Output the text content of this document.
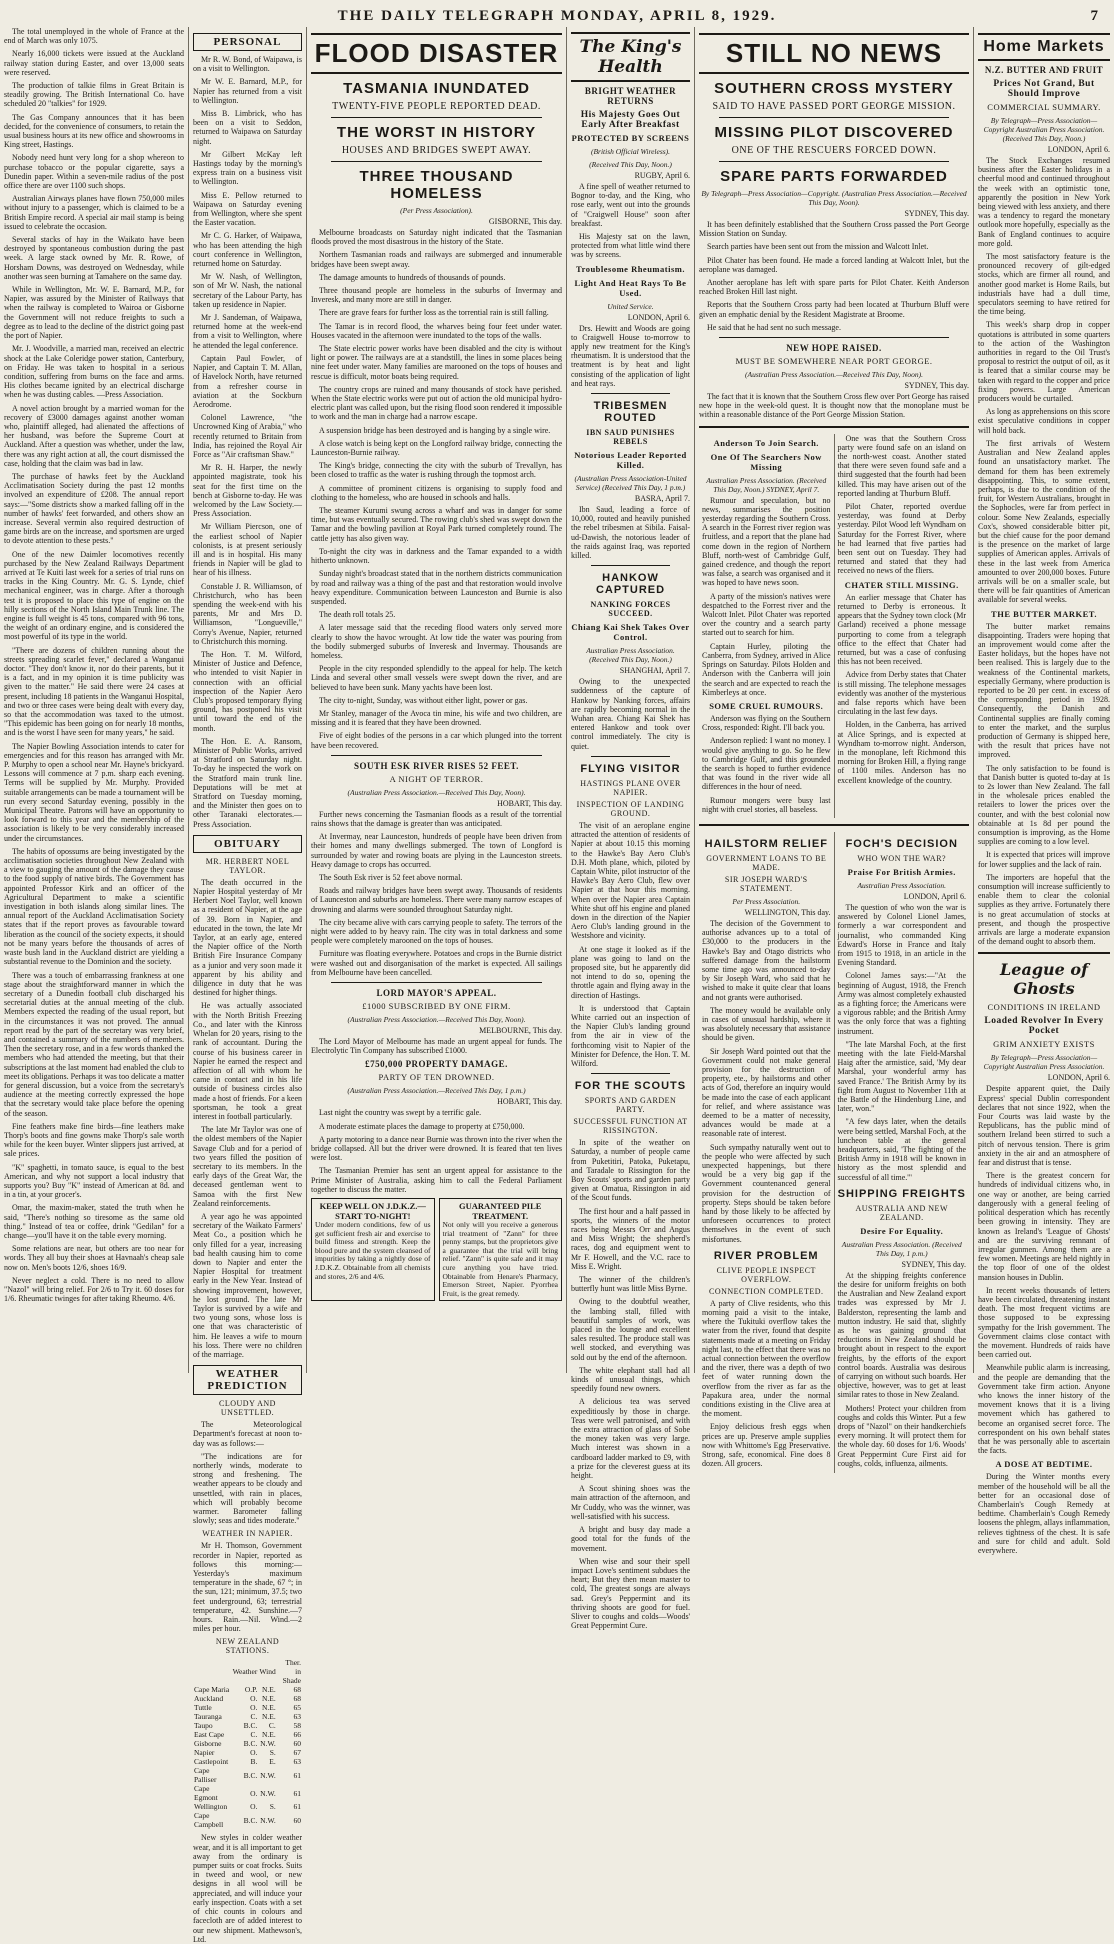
THE DAILY TELEGRAPH MONDAY, APRIL 8, 1929.	7

The total unemployed in the whole of France at the end of March was only 1075.

Nearly 16,000 tickets were issued at the Auckland railway station during Easter, and over 13,000 seats were reserved.

The production of talkie films in Great Britain is steadily growing. The British International Co. have scheduled 20 "talkies" for 1929.

The Gas Company announces that it has been decided, for the convenience of consumers, to retain the usual business hours at its new office and showrooms in King street, Hastings.

Nobody need hunt very long for a shop whereon to purchase tobacco or the popular cigarette, says a Dunedin paper. Within a seven-mile radius of the post office there are over 1100 such shops.

Australian Airways planes have flown 750,000 miles without injury to a passenger, which is claimed to be a British Empire record. A special air mail stamp is being issued to celebrate the occasion.

Several stacks of hay in the Waikato have been destroyed by spontaneous combustion during the past week. A large stack owned by Mr. R. Rowe, of Horsham Downs, was destroyed on Wednesday, while another was seen burning at Tamahere on the same day.

While in Wellington, Mr. W. E. Barnard, M.P., for Napier, was assured by the Minister of Railways that when the railway is completed to Wairoa or Gisborne the Government will not reduce freights to such a degree as to lead to the decline of the district going past the port of Napier.

Mr. J. Woodville, a married man, received an electric shock at the Lake Coleridge power station, Canterbury, on Friday. He was taken to hospital in a serious condition, suffering from burns on the face and arms. His clothes became ignited by an electrical discharge when he was dusting cables. —Press Association.

A novel action brought by a married woman for the recovery of £3000 damages against another woman who, plaintiff alleged, had alienated the affections of her husband, was before the Supreme Court at Auckland. After a question was whether, under the law, there was any right action at all, the court dismissed the case, holding that the claim was bad in law.

The purchase of hawks feet by the Auckland Acclimatisation Society during the past 12 months involved an expenditure of £208. The annual report says:—"Some districts show a marked falling off in the number of hawks' feet forwarded, and others show an increase. Several vermin also required destruction of game birds are on the increase, and sportsmen are urged to devote attention to these pests."

One of the new Daimler locomotives recently purchased by the New Zealand Railways Department arrived at Te Kuiti last week for a series of trial runs on tracks in the King Country. Mr. G. S. Lynde, chief mechanical engineer, was in charge. After a thorough test it is proposed to place this type of engine on the hilly sections of the North Island Main Trunk line. The engine is full weight is 45 tons, compared with 96 tons, the weight of an ordinary engine, and is considered the most powerful of its type in the world.

"There are dozens of children running about the streets spreading scarlet fever," declared a Wanganui doctor. "They don't know it, nor do their parents, but it is a fact, and in my opinion it is time publicity was given to the matter." He said there were 24 cases at present, including 18 patients in the Wanganui Hospital, and two or three cases were being dealt with every day, so that the accommodation was taxed to the utmost. "This epidemic has been going on for nearly 18 months, and is the worst I have seen for many years," he said.

The Napier Bowling Association intends to cater for emergencies and for this reason has arranged with Mr. P. Murphy to open a school near Mr. Hayne's brickyard. Lessons will commence at 7 p.m. sharp each evening. Terms will be supplied by Mr. Murphy. Provided suitable arrangements can be made a tournament will be run every second Saturday evening, possibly in the Municipal Theatre. Patrons will have an opportunity to look forward to this year and the membership of the association is likely to be very considerably increased under the circumstances.

The habits of opossums are being investigated by the acclimatisation societies throughout New Zealand with a view to gauging the amount of the damage they cause to the food supply of native birds. The Government has appointed Professor Kirk and an officer of the Agricultural Department to make a scientific investigation in both islands along similar lines. The annual report of the Auckland Acclimatisation Society states that if the report proves as favourable toward liberation as the council of the society expects, it should not be many years before the thousands of acres of waste bush land in the Auckland district are yielding a substantial revenue to the Dominion and the society.

There was a touch of embarrassing frankness at one stage about the straightforward manner in which the secretary of a Dunedin football club discharged his secretarial duties at the annual meeting of the club. Members expected the reading of the usual report, but in the circumstances it was not proved. The annual report read by the part of the secretary was very brief, and contained a summary of the numbers of members. Then the secretary rose, and in a few words thanked the members who had attended the meeting, but that their subscriptions at the last moment had enabled the club to meet its obligations. Perhaps it was too delicate a matter for general discussion, but a voice from the secretary's audience at the meeting correctly expressed the hope that the secretary would take place before the opening of the season.

Fine feathers make fine birds—fine leathers make Thorp's boots and fine gowns make Thorp's sale worth while for the keen buyer. Winter slippers just arrived, at sale prices.

"K" spaghetti, in tomato sauce, is equal to the best American, and why not support a local industry that supports you? Buy "K" instead of American at 8d. and in a tin, at your grocer's.

Omar, the maxim-maker, stated the truth when he said, "There's nothing so tiresome as the same old thing." Instead of tea or coffee, drink "Gedilan" for a change—you'll have it on the table every morning.

Some relations are near, but others are too near for words. They all buy their shoes at Havnaah's cheap sale now on. Men's boots 12/6, shoes 16/9.

Never neglect a cold. There is no need to allow "Nazol" will bring relief. For 2/6 to Try it. 60 doses for 1/6. Rheumatic twinges for after taking Rheumo. 4/6.

PERSONAL

Mr R. W. Bond, of Waipawa, is on a visit to Wellington.

Mr W. E. Barnard, M.P., for Napier has returned from a visit to Wellington.

Miss B. Limbrick, who has been on a visit to Seddon, returned to Waipawa on Saturday night.

Mr Gilbert McKay left Hastings today by the morning's express train on a business visit to Wellington.

Miss E. Pellow returned to Waipawa on Saturday evening from Wellington, where she spent the Easter vacation.

Mr C. G. Harker, of Waipawa, who has been attending the high court conference in Wellington, returned home on Saturday.

Mr W. Nash, of Wellington, son of Mr W. Nash, the national secretary of the Labour Party, has taken up residence in Napier.

Mr J. Sandeman, of Waipawa, returned home at the week-end from a visit to Wellington, where he attended the legal conference.

Captain Paul Fowler, of Napier, and Captain T. M. Allan, of Havelock North, have returned from a refresher course in aviation at the Sockburn Aerodrome.

Colonel Lawrence, "the Uncrowned King of Arabia," who recently returned to Britain from India, has rejoined the Royal Air Force as "Air craftsman Shaw."

Mr R. H. Harper, the newly appointed magistrate, took his seat for the first time on the bench at Gisborne to-day. He was welcomed by the Law Society.—Press Association.

Mr William Piercson, one of the earliest school of Napier colonists, is at present seriously ill and is in hospital. His many friends in Napier will be glad to hear of his illness.

Constable J. R. Williamson, of Christchurch, who has been spending the week-end with his parents, Mr and Mrs D. Williamson, "Longueville," Corry's Avenue, Napier, returned to Christchurch this morning.

The Hon. T. M. Wilford, Minister of Justice and Defence, who intended to visit Napier in connection with an official inspection of the Napier Aero Club's proposed temporary flying ground, has postponed his visit until toward the end of the month.

The Hon. E. A. Ransom, Minister of Public Works, arrived at Stratford on Saturday night. To-day he inspected the work on the Stratford main trunk line. Deputations will be met at Stratford on Tuesday morning, and the Minister then goes on to other Taranaki electorates.—Press Association.

OBITUARY
MR. HERBERT NOEL TAYLOR.

The death occurred in the Napier Hospital yesterday of Mr Herbert Noel Taylor, well known as a resident of Napier, at the age of 39. Born in Napier, and educated in the town, the late Mr Taylor, at an early age, entered the Napier office of the North British Fire Insurance Company as a junior and very soon made it apparent by his ability and diligence in duty that he was destined for higher things.

He was actually associated with the North British Freezing Co., and later with the Kinross Whelan for 20 years, rising to the rank of accountant. During the course of his business career in Napier he earned the respect and affection of all with whom he came in contact and in his life outside of business circles also made a host of friends. For a keen sportsman, he took a great interest in football particularly.

The late Mr Taylor was one of the oldest members of the Napier Savage Club and for a period of two years filled the position of secretary to its members. In the early days of the Great War, the deceased gentleman went to Samoa with the first New Zealand reinforcements.

A year ago he was appointed secretary of the Waikato Farmers' Meat Co., a position which he only filled for a year, increasing bad health causing him to come down to Napier and enter the Napier Hospital for treatment early in the New Year. Instead of showing improvement, however, he lost ground. The late Mr Taylor is survived by a wife and two young sons, whose loss is one that was characteristic of him. He leaves a wife to mourn his loss. There were no children of the marriage.

WEATHER PREDICTION
CLOUDY AND UNSETTLED.

The Meteorological Department's forecast at noon to-day was as follows:—

"The indications are for northerly winds, moderate to strong and freshening. The weather appears to be cloudy and unsettled, with rain in places, which will probably become warmer. Barometer falling slowly; seas and tides moderate."

WEATHER IN NAPIER.

Mr H. Thomson, Government recorder in Napier, reported as follows this morning:—Yesterday's maximum temperature in the shade, 67 °; in the sun, 121; minimum, 37.5; two feet underground, 63; terrestrial temperature, 42. Sunshine.—7 hours. Rain.—Nil. Wind.—2 miles per hour.

NEW ZEALAND STATIONS.
	Weather	Wind	Ther. in Shade
Cape Maria	O.P.	N.E.	68
Auckland	O.	N.E.	68
Tuttle	O.	N.E.	65
Tauranga	C.	N.E.	63
Taupo	B.C.	C.	58
East Cape	C.	N.E.	66
Gisborne	B.C.	N.W.	60
Napier	O.	S.	67
Castlepoint	B.	E.	63
Cape Palliser	B.C.	N.W.	61
Cape Egmont	O.	N.W.	61
Wellington	O.	S.	61
Cape Campbell	B.C.	N.W.	60

New styles in colder weather wear, and it is all important to get away from the ordinary is pumper suits or coat frocks. Suits in tweed and wool, or new designs in all wool will be appreciated, and will induce your early inspection. Coats with a set of chic counts in colours and facecloth are of added interest to our new shipment. Mathewson's, Ltd.

FLOOD DISASTER
TASMANIA INUNDATED
TWENTY-FIVE PEOPLE REPORTED DEAD.
THE WORST IN HISTORY
HOUSES AND BRIDGES SWEPT AWAY.
THREE THOUSAND HOMELESS
(Per Press Association).
GISBORNE, This day.

Melbourne broadcasts on Saturday night indicated that the Tasmanian floods proved the most disastrous in the history of the State.

Northern Tasmanian roads and railways are submerged and innumerable bridges have been swept away.

The damage amounts to hundreds of thousands of pounds.

Three thousand people are homeless in the suburbs of Invermay and Inveresk, and many more are still in danger.

There are grave fears for further loss as the torrential rain is still falling.

The Tamar is in record flood, the wharves being four feet under water. Houses vacated in the afternoon were inundated to the tops of the walls.

The State electric power works have been disabled and the city is without light or power. The railways are at a standstill, the lines in some places being nine feet under water. Many families are marooned on the tops of houses and rescue is difficult, motor boats being required.

The country crops are ruined and many thousands of stock have perished. When the State electric works were put out of action the old municipal hydro-electric plant was called upon, but the rising flood soon rendered it impossible to work and the man in charge had a narrow escape.

A suspension bridge has been destroyed and is hanging by a single wire.

A close watch is being kept on the Longford railway bridge, connecting the Launceston-Burnie railway.

The King's bridge, connecting the city with the suburb of Trevallyn, has been closed to traffic as the water is rushing through the topmost arch.

A committee of prominent citizens is organising to supply food and clothing to the homeless, who are housed in schools and halls.

The steamer Kurumi swung across a wharf and was in danger for some time, but was eventually secured. The rowing club's shed was swept down the Tamar and the bowling pavilion at Royal Park turned completely round. The cattle jetty has also given way.

To-night the city was in darkness and the Tamar expanded to a width hitherto unknown.

Sunday night's broadcast stated that in the northern districts communication by road and railway was a thing of the past and that restoration would involve heavy expenditure. Communication between Launceston and Burnie is also suspended.

The death roll totals 25.

A later message said that the receding flood waters only served more clearly to show the havoc wrought. At low tide the water was pouring from the bodily submerged suburbs of Inveresk and Invermay. Thousands are homeless.

People in the city responded splendidly to the appeal for help. The ketch Linda and several other small vessels were swept down the river, and are believed to have been sunk. Many yachts have been lost.

The city to-night, Sunday, was without either light, power or gas.

Mr Stanley, manager of the Avoca tin mine, his wife and two children, are missing and it is feared that they have been drowned.

Five of eight bodies of the persons in a car which plunged into the torrent have been recovered.

SOUTH ESK RIVER RISES 52 FEET.
A NIGHT OF TERROR.
(Australian Press Association.—Received This Day, Noon).
HOBART, This day.

Further news concerning the Tasmanian floods as a result of the torrential rains shows that the damage is greater than was anticipated.

At Invermay, near Launceston, hundreds of people have been driven from their homes and many dwellings submerged. The town of Longford is surrounded by water and rowing boats are plying in the Launceston streets. Heavy damage to crops has occurred.

The South Esk river is 52 feet above normal.

Roads and railway bridges have been swept away. Thousands of residents of Launceston and suburbs are homeless. There were many narrow escapes of drowning and alarms were sounded throughout Saturday night.

The city became alive with cars carrying people to safety. The terrors of the night were added to by heavy rain. The city was in total darkness and some people were completely marooned on the tops of houses.

Furniture was floating everywhere. Potatoes and crops in the Burnie district were washed out and disorganisation of the market is expected. All sailings from Melbourne have been cancelled.

LORD MAYOR'S APPEAL.
£1000 SUBSCRIBED BY ONE FIRM.
(Australian Press Association.—Received This Day, Noon).
MELBOURNE, This day.

The Lord Mayor of Melbourne has made an urgent appeal for funds. The Electrolytic Tin Company has subscribed £1000.

£750,000 PROPERTY DAMAGE.
PARTY OF TEN DROWNED.
(Australian Press Association.—Received This Day, 1 p.m.)
HOBART, This day.

Last night the country was swept by a terrific gale.

A moderate estimate places the damage to property at £750,000.

A party motoring to a dance near Burnie was thrown into the river when the bridge collapsed. All but the driver were drowned. It is feared that ten lives were lost.

The Tasmanian Premier has sent an urgent appeal for assistance to the Prime Minister of Australia, asking him to call the Federal Parliament together to discuss the matter.

KEEP WELL ON J.D.K.Z.—START TO-NIGHT!
Under modern conditions, few of us get sufficient fresh air and exercise to build fitness and strength. Keep the blood pure and the system cleansed of impurities by taking a nightly dose of J.D.K.Z. Obtainable from all chemists and stores, 2/6 and 4/6.
GUARANTEED PILE TREATMENT.
Not only will you receive a generous trial treatment of "Zann" for three penny stamps, but the proprietors give a guarantee that the trial will bring relief. "Zann" is quite safe and it may cure anything you have tried. Obtainable from Henare's Pharmacy, Emerson Street, Napier. Pyorrhea Fruit, is the great remedy.
The King's Health
BRIGHT WEATHER RETURNS
His Majesty Goes Out Early After Breakfast
PROTECTED BY SCREENS
(British Official Wireless).
(Received This Day, Noon.)
RUGBY, April 6.

A fine spell of weather returned to Bognor to-day, and the King, who rose early, went out into the grounds of "Craigwell House" soon after breakfast.

His Majesty sat on the lawn, protected from what little wind there was by screens.

Troublesome Rheumatism.
Light And Heat Rays To Be Used.
United Service.
LONDON, April 6.

Drs. Hewitt and Woods are going to Craigwell House to-morrow to apply new treatment for the King's rheumatism. It is understood that the treatment is by heat and light consisting of the application of light and heat rays.

TRIBESMEN ROUTED
IBN SAUD PUNISHES REBELS
Notorious Leader Reported Killed.
(Australian Press Association-United Service) (Received This Day, 1 p.m.)
BASRA, April 7.

Ibn Saud, leading a force of 10,000, routed and heavily punished the rebel tribesmen at Sibila. Faisal-ud-Dawish, the notorious leader of the raids against Iraq, was reported killed.

HANKOW CAPTURED
NANKING FORCES SUCCEED.
Chiang Kai Shek Takes Over Control.
Australian Press Association. (Received This Day, Noon.)
SHANGHAI, April 7.

Owing to the unexpected suddenness of the capture of Hankow by Nanking forces, affairs are rapidly becoming normal in the Wuhan area. Chiang Kai Shek has entered Hankow and took over control immediately. The city is quiet.

FLYING VISITOR
HASTINGS PLANE OVER NAPIER.
INSPECTION OF LANDING GROUND.

The visit of an aeroplane engine attracted the attention of residents of Napier at about 10.15 this morning to the Hawke's Bay Aero Club's D.H. Moth plane, which, piloted by Captain White, pilot instructor of the Hawke's Bay Aero Club, flew over Napier at that hour this morning. When over the Napier area Captain White shut off his engine and planed down in the direction of the Napier Aero Club's landing ground in the Westshore and vicinity.

At one stage it looked as if the plane was going to land on the proposed site, but he apparently did not intend to do so, opening the throttle again and flying away in the direction of Hastings.

It is understood that Captain White carried out an inspection of the Napier Club's landing ground from the air in view of the forthcoming visit to Napier of the Minister for Defence, the Hon. T. M. Wilford.

FOR THE SCOUTS
SPORTS AND GARDEN PARTY.
SUCCESSFUL FUNCTION AT RISSINGTON.

In spite of the weather on Saturday, a number of people came from Puketitiri, Patoka, Puketapu, and Taradale to Rissington for the Boy Scouts' sports and garden party given at Omatua, Rissington in aid of the Scout funds.

The first hour and a half passed in sports, the winners of the motor races being Messrs Orr and Angus and Miss Wright; the shepherd's races, dog and equipment went to Mr F. Howell, and the V.C. race to Miss E. Wright.

The winner of the children's butterfly hunt was little Miss Byrne.

Owing to the doubtful weather, the lambing stall, filled with beautiful samples of work, was placed in the lounge and excellent sales resulted. The produce stall was well stocked, and everything was sold out by the end of the afternoon.

The white elephant stall had all kinds of unusual things, which speedily found new owners.

A delicious tea was served expeditiously by those in charge. Teas were well patronised, and with the extra attraction of glass of Sobe the money taken was very large. Much interest was shown in a cardboard ladder marked to £9, with a prize for the cleverest guess at its height.

A Scout shining shoes was the main attraction of the afternoon, and Mr Cuddy, who was the winner, was well-satisfied with his success.

A bright and busy day made a good total for the funds of the movement.

When wise and sour their spell impact Love's sentiment subdues the heart; But they then mean master to cold, The greatest songs are always sad. Grey's Peppermint and its thriving shoots are good for fuel. Sliver to coughs and colds—Woods' Great Peppermint Cure.

STILL NO NEWS
SOUTHERN CROSS MYSTERY
SAID TO HAVE PASSED PORT GEORGE MISSION.
MISSING PILOT DISCOVERED
ONE OF THE RESCUERS FORCED DOWN.
SPARE PARTS FORWARDED
By Telegraph—Press Association—Copyright. (Australian Press Association.—Received This Day, Noon).
SYDNEY, This day.

It has been definitely established that the Southern Cross passed the Port George Mission Station on Sunday.

Search parties have been sent out from the mission and Walcott Inlet.

Pilot Chater has been found. He made a forced landing at Walcott Inlet, but the aeroplane was damaged.

Another aeroplane has left with spare parts for Pilot Chater. Keith Anderson reached Broken Hill last night.

Reports that the Southern Cross party had been located at Thurburn Bluff were given an emphatic denial by the Resident Magistrate at Broome.

He said that he had sent no such message.

NEW HOPE RAISED.
MUST BE SOMEWHERE NEAR PORT GEORGE.
(Australian Press Association.—Received This Day, Noon).
SYDNEY, This day.

The fact that it is known that the Southern Cross flew over Port George has raised new hope in the week-old quest. It is thought now that the monoplane must be within a reasonable distance of the Port George Mission Station.

Anderson To Join Search.
One Of The Searchers Now Missing
Australian Press Association. (Received This Day, Noon.) SYDNEY, April 7.

Rumour and speculation, but no news, summarises the position yesterday regarding the Southern Cross. A search in the Forrest river region was fruitless, and a report that the plane had come down in the region of Northern Bluff, north-west of Cambridge Gulf, gained credence, and though the report was false, a search was organised and it was hoped to have news soon.

A party of the mission's natives were despatched to the Forrest river and the Walcott Inlet. Pilot Chater was reported over the country and a search party started out to search for him.

Captain Hurley, piloting the Canberra, from Sydney, arrived in Alice Springs on Saturday. Pilots Holden and Anderson with the Canberra will join the search and are expected to reach the Kimberleys at once.

SOME CRUEL RUMOURS.

Anderson was flying on the Southern Cross, responded: Right. I'll back you.

Anderson replied: I want no money. I would give anything to go. So he flew to Cambridge Gulf, and this grounded the search is hoped to further evidence that was found in the river wide all differences in the hour of need.

Rumour mongers were busy last night with cruel stories, all baseless.

One was that the Southern Cross party were found safe on an island on the north-west coast. Another stated that there were seven found safe and a third suggested that the fourth had been killed. This may have arisen out of the reported landing at Thurburn Bluff.

Pilot Chater, reported overdue yesterday, was found at Derby yesterday. Pilot Wood left Wyndham on Saturday for the Forrest River, where he had learned that five parties had been sent out on Tuesday. They had returned and stated that they had received no news of the fliers.

CHATER STILL MISSING.

An earlier message that Chater has returned to Derby is erroneous. It appears that the Sydney town clock (Mr Garland) received a phone message purporting to come from a telegraph office to the effect that Chater had returned, but was a case of confusing this has not been received.

Advice from Derby states that Chater is still missing. The telephone messages evidently was another of the mysterious and false reports which have been circulating in the last few days.

Holden, in the Canberra, has arrived at Alice Springs, and is expected at Wyndham to-morrow night. Anderson, in the monoplane, left Richmond this morning for Broken Hill, a flying range of 1100 miles. Anderson has no excellent knowledge of the country.

HAILSTORM RELIEF
GOVERNMENT LOANS TO BE MADE.
SIR JOSEPH WARD'S STATEMENT.
Per Press Association.
WELLINGTON, This day.

The decision of the Government to authorise advances up to a total of £30,000 to the producers in the Hawke's Bay and Otago districts who suffered damage from the hailstorm some time ago was announced to-day by Sir Joseph Ward, who said that he wished to make it quite clear that loans and not grants were authorised.

The money would be available only in cases of unusual hardship, where it was absolutely necessary that assistance should be given.

Sir Joseph Ward pointed out that the Government could not make general provision for the destruction of property, ete., by hailstorms and other acts of God, therefore an inquiry would be made into the case of each applicant for relief, and where assistance was deemed to be a matter of necessity, advances would be made at a reasonable rate of interest.

Such sympathy naturally went out to the people who were affected by such unexpected happenings, but there would be a very big gap if the Government countenanced general provision for the destruction of property. Steps should be taken before hand by those likely to be affected by unforeseen occurrences to protect themselves in the event of such misfortunes.

RIVER PROBLEM
CLIVE PEOPLE INSPECT OVERFLOW.
CONNECTION COMPLETED.

A party of Clive residents, who this morning paid a visit to the intake, where the Tukituki overflow takes the water from the river, found that despite statements made at a meeting on Friday night last, to the effect that there was no actual connection between the overflow and the river, there was a depth of two feet of water running down the overflow from the river as far as the Papakura area, under the normal conditions existing in the Clive area at the moment.

Enjoy delicious fresh eggs when prices are up. Preserve ample supplies now with Whittome's Egg Preservative. Strong, safe, economical. Fine does 8 dozen. All grocers.

FOCH'S DECISION
WHO WON THE WAR?
Praise For British Armies.
Australian Press Association.
LONDON, April 6.

The question of who won the war is answered by Colonel Lionel James, formerly a war correspondent and journalist, who commanded King Edward's Horse in France and Italy from 1915 to 1918, in an article in the Evening Standard.

Colonel James says:—"At the beginning of August, 1918, the French Army was almost completely exhausted as a fighting force; the Americans were a vigorous rabble; and the British Army was the only force that was a fighting instrument.

"The late Marshal Foch, at the first meeting with the late Field-Marshal Haig after the armistice, said, 'My dear Marshal, your wonderful army has saved France.' The British Army by its fight from August to November 11th at the Battle of the Hindenburg Line, and later, won."

"A few days later, when the details were being settled, Marshal Foch, at the luncheon table at the general headquarters, said, 'The fighting of the British Army in 1918 will be known in history as the most splendid and successful of all time.'"

SHIPPING FREIGHTS
AUSTRALIA AND NEW ZEALAND.
Desire For Equality.
Australian Press Association. (Received This Day, 1 p.m.)
SYDNEY, This day.

At the shipping freights conference the desire for uniform freights on both the Australian and New Zealand export trades was expressed by Mr J. Balderston, representing the lamb and mutton industry. He said that, slightly as he was gaining ground that reductions in New Zealand should be brought about in respect to the export freights, by the efforts of the export control boards. Australia was desirous of carrying on without such boards. Her objective, however, was to get at least similar rates to those in New Zealand.

Mothers! Protect your children from coughs and colds this Winter. Put a few drops of "Nazol" on their handkerchiefs every morning. It will protect them for the whole day. 60 doses for 1/6. Woods' Great Peppermint Cure First aid for coughs, colds, influenza, ailments.

Home Markets
N.Z. BUTTER AND FRUIT
Prices Not Grand, But Should Improve
COMMERCIAL SUMMARY.
By Telegraph—Press Association—Copyright Australian Press Association. (Received This Day, Noon.)
LONDON, April 6.

The Stock Exchanges resumed business after the Easter holidays in a cheerful mood and continued throughout the week with an optimistic tone, apparently the position in New York being viewed with less anxiety, and there was a tendency to regard the monetary outlook more hopefully, especially as the Bank of England continues to acquire more gold.

The most satisfactory feature is the pronounced recovery of gilt-edged stocks, which are firmer all round, and another good market is Home Rails, but industrials have had a dull time, speculators seeming to have retired for the time being.

This week's sharp drop in copper quotations is attributed in some quarters to the action of the Washington authorities in regard to the Oil Trust's proposal to restrict the output of oil, as it is feared that a similar course may be taken with regard to the copper and price fixing powers. Large American producers would be curtailed.

As long as apprehensions on this score exist speculative conditions in copper will hold back.

The first arrivals of Western Australian and New Zealand apples found an unsatisfactory market. The demand for them has been extremely disappointing. This, to some extent, perhaps, is due to the condition of the fruit, for Western Australians, brought in the Sophocles, were far from perfect in colour. Some New Zealands, especially Cox's, showed considerable bitter pit, but the chief cause for the poor demand is the presence on the market of large supplies of American apples. Arrivals of these in the last week from America amounted to over 200,000 boxes. Future arrivals will be on a smaller scale, but there will be fair quantities of American available for several weeks.

THE BUTTER MARKET.

The butter market remains disappointing. Traders were hoping that an improvement would come after the Easter holidays, but the hopes have not been realised. This is largely due to the weakness of the Continental markets, especially Germany, where production is reported to be 20 per cent. in excess of the corresponding period in 1928. Consequently, the Danish and Continental supplies are finally coming to enter the market, and the surplus production of Germany is shipped here, with the result that prices have not improved.

The only satisfaction to be found is that Danish butter is quoted to-day at 1s to 2s lower than New Zealand. The fall in the wholesale prices enabled the retailers to lower the prices over the counter, and with the best colonial now obtainable at 1s 8d per pound the consumption is improving, as the Home supplies are coming to a low level.

It is expected that prices will improve for lower supplies and the lack of rain.

The importers are hopeful that the consumption will increase sufficiently to enable them to clear the colonial supplies as they arrive. Fortunately there is no great accumulation of stocks at present, and though the prospective arrivals are large a moderate expansion of the demand ought to absorb them.

League of Ghosts
CONDITIONS IN IRELAND
Loaded Revolver In Every Pocket
GRIM ANXIETY EXISTS
By Telegraph—Press Association—Copyright Australian Press Association.
LONDON, April 6.

Despite apparent quiet, the Daily Express' special Dublin correspondent declares that not since 1922, when the Four Courts was laid waste by the Republicans, has the public mind of southern Ireland been stirred to such a pitch of nervous tension. There is grim anxiety in the air and an atmosphere of fear and distrust that is tense.

There is the greatest concern for hundreds of individual citizens who, in one way or another, are being carried dangerously with a general feeling of political desperation which has recently been growing in intensity. They are known as Ireland's 'League of Ghosts' and are the surviving remnant of irregular gunmen. Among them are a few women. Meetings are held nightly in the top floor of one of the oldest mansion houses in Dublin.

In recent weeks thousands of letters have been circulated, threatening instant death. The most frequent victims are those supposed to be expressing sympathy for the Irish government. The Government claims close contact with the movement. Hundreds of raids have been carried out.

Meanwhile public alarm is increasing, and the people are demanding that the Government take firm action. Anyone who knows the inner history of the movement knows that it is a living movement which has gathered to become an organised secret force. The correspondent on his own behalf states that he was personally able to ascertain the facts.

A DOSE AT BEDTIME.

During the Winter months every member of the household will be all the better for an occasional dose of Chamberlain's Cough Remedy at bedtime. Chamberlain's Cough Remedy loosens the phlegm, allays inflammation, relieves tightness of the chest. It is safe and sure for child and adult. Sold everywhere.
